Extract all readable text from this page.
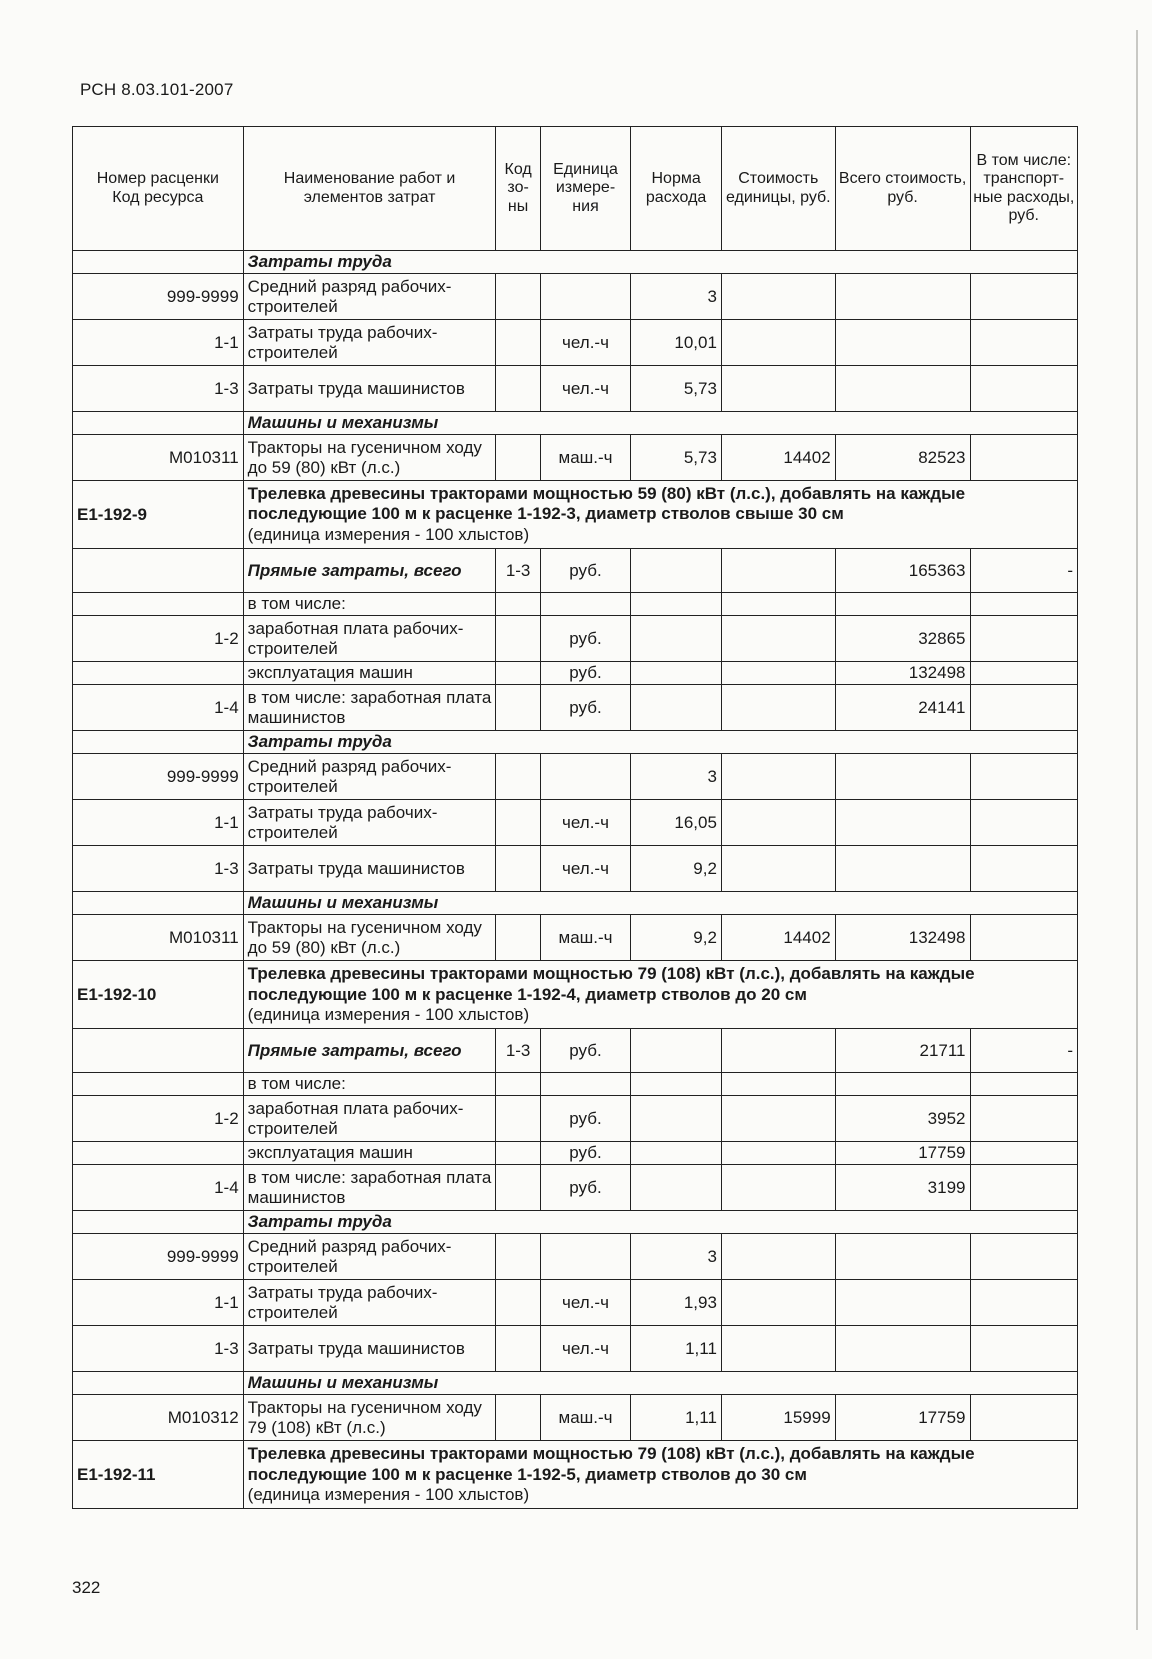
РСН 8.03.101-2007
Номер расценки
Код ресурса	Наименование работ и элементов затрат	Код зо-ны	Единица измере-ния	Норма расхода	Стоимость единицы, руб.	Всего стоимость, руб.	В том числе: транспорт-ные расходы, руб.
	Затраты труда						
999-9999	Средний разряд рабочих-строителей			3			
1-1	Затраты труда рабочих-строителей		чел.-ч	10,01			
1-3	Затраты труда машинистов		чел.-ч	5,73			
	Машины и механизмы						
М010311	Тракторы на гусеничном ходу до 59 (80) кВт (л.с.)		маш.-ч	5,73	14402	82523	
Е1-192-9	Трелевка древесины тракторами мощностью 59 (80) кВт (л.с.), добавлять на каждые последующие 100 м к расценке 1-192-3, диаметр стволов свыше 30 см
(единица измерения - 100 хлыстов)						
	Прямые затраты, всего	1-3	руб.			165363	-
	в том числе:						
1-2	заработная плата рабочих-строителей		руб.			32865	
	эксплуатация машин		руб.			132498	
1-4	в том числе: заработная плата машинистов		руб.			24141	
	Затраты труда						
999-9999	Средний разряд рабочих-строителей			3			
1-1	Затраты труда рабочих-строителей		чел.-ч	16,05			
1-3	Затраты труда машинистов		чел.-ч	9,2			
	Машины и механизмы						
М010311	Тракторы на гусеничном ходу до 59 (80) кВт (л.с.)		маш.-ч	9,2	14402	132498	
Е1-192-10	Трелевка древесины тракторами мощностью 79 (108) кВт (л.с.), добавлять на каждые последующие 100 м к расценке 1-192-4, диаметр стволов до 20 см
(единица измерения - 100 хлыстов)						
	Прямые затраты, всего	1-3	руб.			21711	-
	в том числе:						
1-2	заработная плата рабочих-строителей		руб.			3952	
	эксплуатация машин		руб.			17759	
1-4	в том числе: заработная плата машинистов		руб.			3199	
	Затраты труда						
999-9999	Средний разряд рабочих-строителей			3			
1-1	Затраты труда рабочих-строителей		чел.-ч	1,93			
1-3	Затраты труда машинистов		чел.-ч	1,11			
	Машины и механизмы						
М010312	Тракторы на гусеничном ходу 79 (108) кВт (л.с.)		маш.-ч	1,11	15999	17759	
Е1-192-11	Трелевка древесины тракторами мощностью 79 (108) кВт (л.с.), добавлять на каждые последующие 100 м к расценке 1-192-5, диаметр стволов до 30 см
(единица измерения - 100 хлыстов)						
322
